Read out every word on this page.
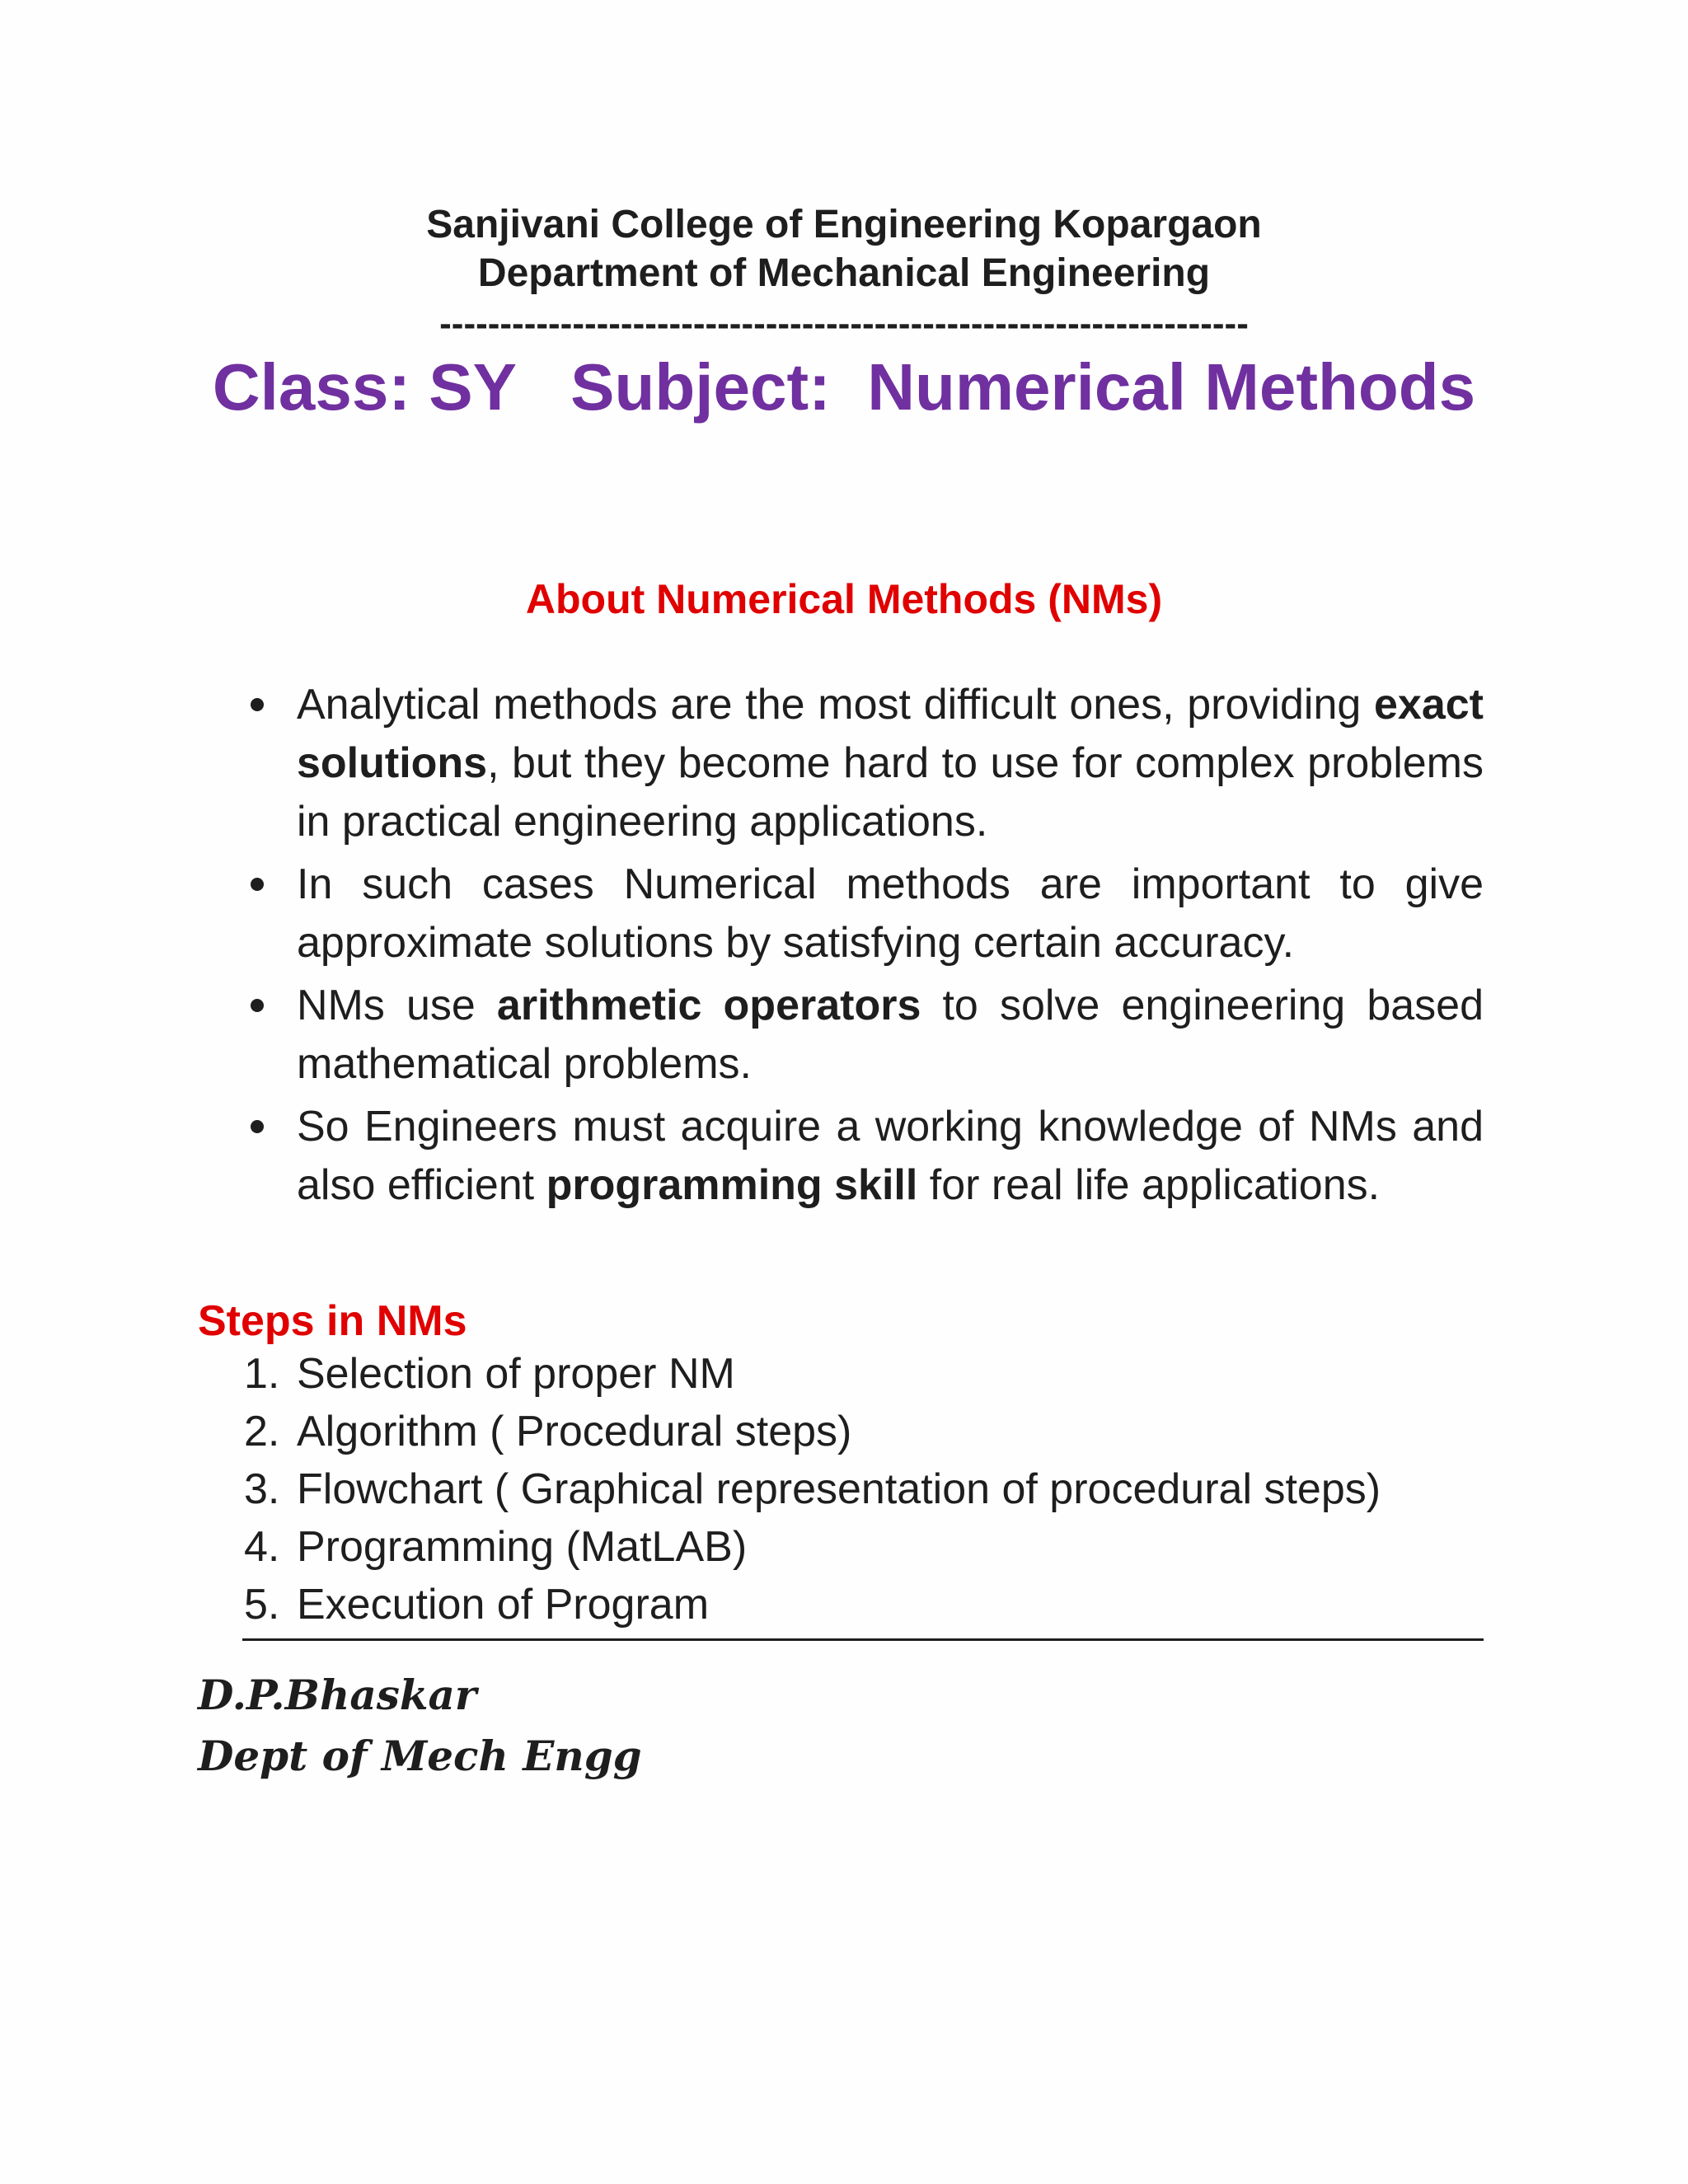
Sanjivani College of Engineering Kopargaon
Department of Mechanical Engineering
-------------------------------------------------------------------
Class: SY   Subject:  Numerical Methods
About Numerical Methods (NMs)
Analytical methods are the most difficult ones, providing exact solutions, but they become hard to use for complex problems in practical engineering applications.
In such cases Numerical methods are important to give approximate solutions by satisfying certain accuracy.
NMs use arithmetic operators to solve engineering based mathematical problems.
So Engineers must acquire a working knowledge of NMs and also efficient programming skill for real life applications.
Steps in NMs
1. Selection of proper NM
2. Algorithm ( Procedural steps)
3. Flowchart ( Graphical representation of procedural steps)
4. Programming (MatLAB)
5. Execution of Program
D.P.Bhaskar
Dept of Mech Engg
